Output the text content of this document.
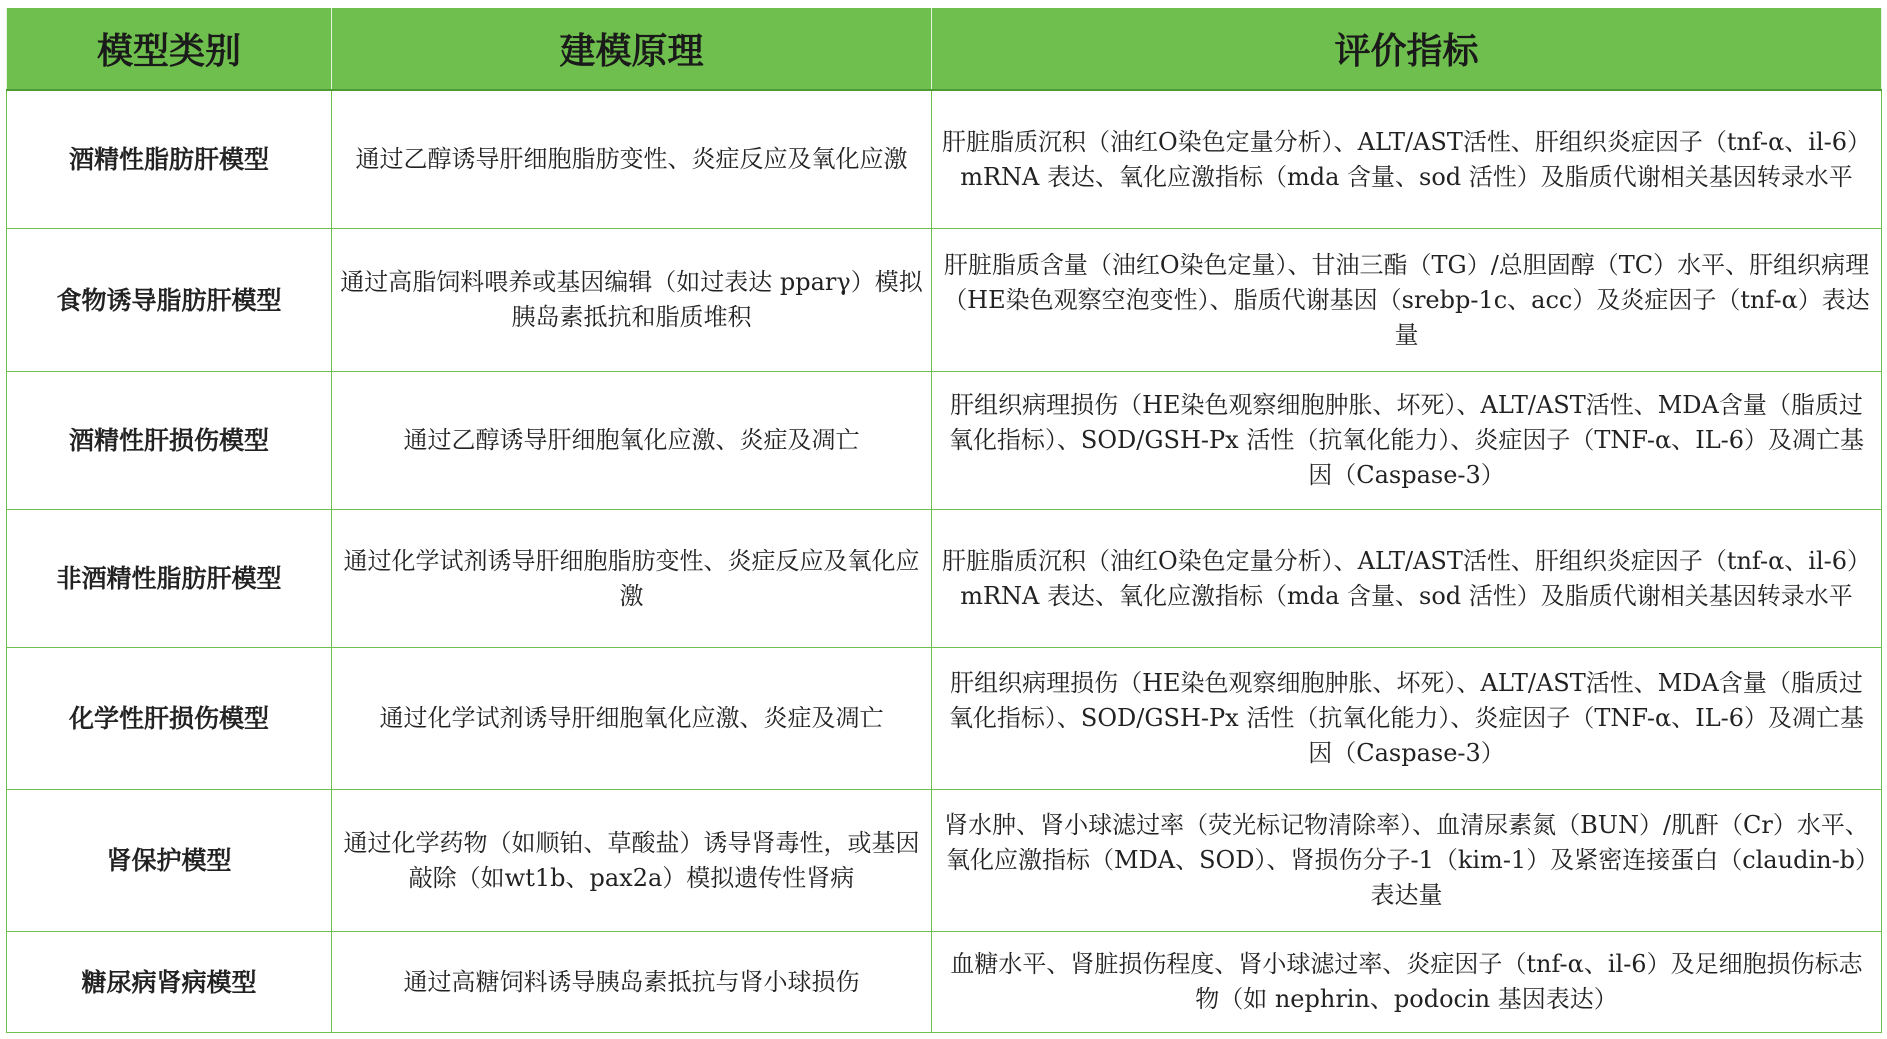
模型类别	建模原理	评价指标
酒精性脂肪肝模型	通过乙醇诱导肝细胞脂肪变性、炎症反应及氧化应激	肝脏脂质沉积（油红O染色定量分析）、ALT/AST活性、肝组织炎症因子（tnf-α、il-6）mRNA 表达、氧化应激指标（mda 含量、sod 活性）及脂质代谢相关基因转录水平
食物诱导脂肪肝模型	通过高脂饲料喂养或基因编辑（如过表达 pparγ）模拟胰岛素抵抗和脂质堆积	肝脏脂质含量（油红O染色定量）、甘油三酯（TG）/总胆固醇（TC）水平、肝组织病理（HE染色观察空泡变性）、脂质代谢基因（srebp-1c、acc）及炎症因子（tnf-α）表达量
酒精性肝损伤模型	通过乙醇诱导肝细胞氧化应激、炎症及凋亡	肝组织病理损伤（HE染色观察细胞肿胀、坏死）、ALT/AST活性、MDA含量（脂质过氧化指标）、SOD/GSH-Px 活性（抗氧化能力）、炎症因子（TNF-α、IL-6）及凋亡基因（Caspase-3）
非酒精性脂肪肝模型	通过化学试剂诱导肝细胞脂肪变性、炎症反应及氧化应激	肝脏脂质沉积（油红O染色定量分析）、ALT/AST活性、肝组织炎症因子（tnf-α、il-6）mRNA 表达、氧化应激指标（mda 含量、sod 活性）及脂质代谢相关基因转录水平
化学性肝损伤模型	通过化学试剂诱导肝细胞氧化应激、炎症及凋亡	肝组织病理损伤（HE染色观察细胞肿胀、坏死）、ALT/AST活性、MDA含量（脂质过氧化指标）、SOD/GSH-Px 活性（抗氧化能力）、炎症因子（TNF-α、IL-6）及凋亡基因（Caspase-3）
肾保护模型	通过化学药物（如顺铂、草酸盐）诱导肾毒性，或基因敲除（如wt1b、pax2a）模拟遗传性肾病	肾水肿、肾小球滤过率（荧光标记物清除率）、血清尿素氮（BUN）/肌酐（Cr）水平、氧化应激指标（MDA、SOD）、肾损伤分子-1（kim-1）及紧密连接蛋白（claudin-b）表达量
糖尿病肾病模型	通过高糖饲料诱导胰岛素抵抗与肾小球损伤	血糖水平、肾脏损伤程度、肾小球滤过率、炎症因子（tnf-α、il-6）及足细胞损伤标志物（如 nephrin、podocin 基因表达）
